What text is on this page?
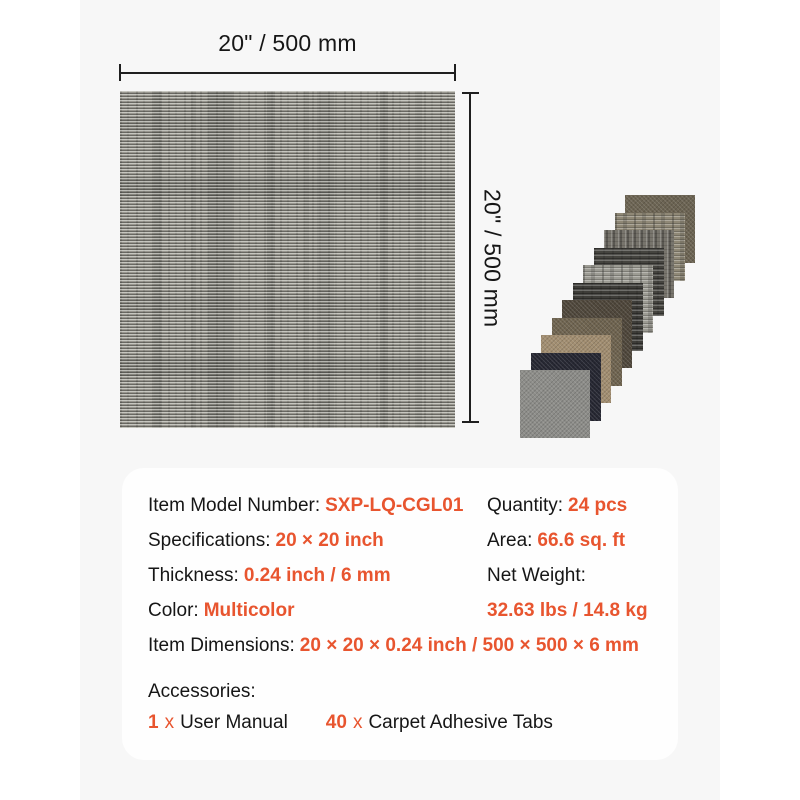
20" / 500 mm
20" / 500 mm
Item Model Number: SXP-LQ-CGL01	Quantity: 24 pcs
Specifications: 20 × 20 inch	Area: 66.6 sq. ft
Thickness: 0.24 inch / 6 mm	Net Weight:
Color: Multicolor	32.63 lbs / 14.8 kg
Item Dimensions: 20 × 20 × 0.24 inch / 500 × 500 × 6 mm
Accessories:
1 x User Manual 40 x Carpet Adhesive Tabs
